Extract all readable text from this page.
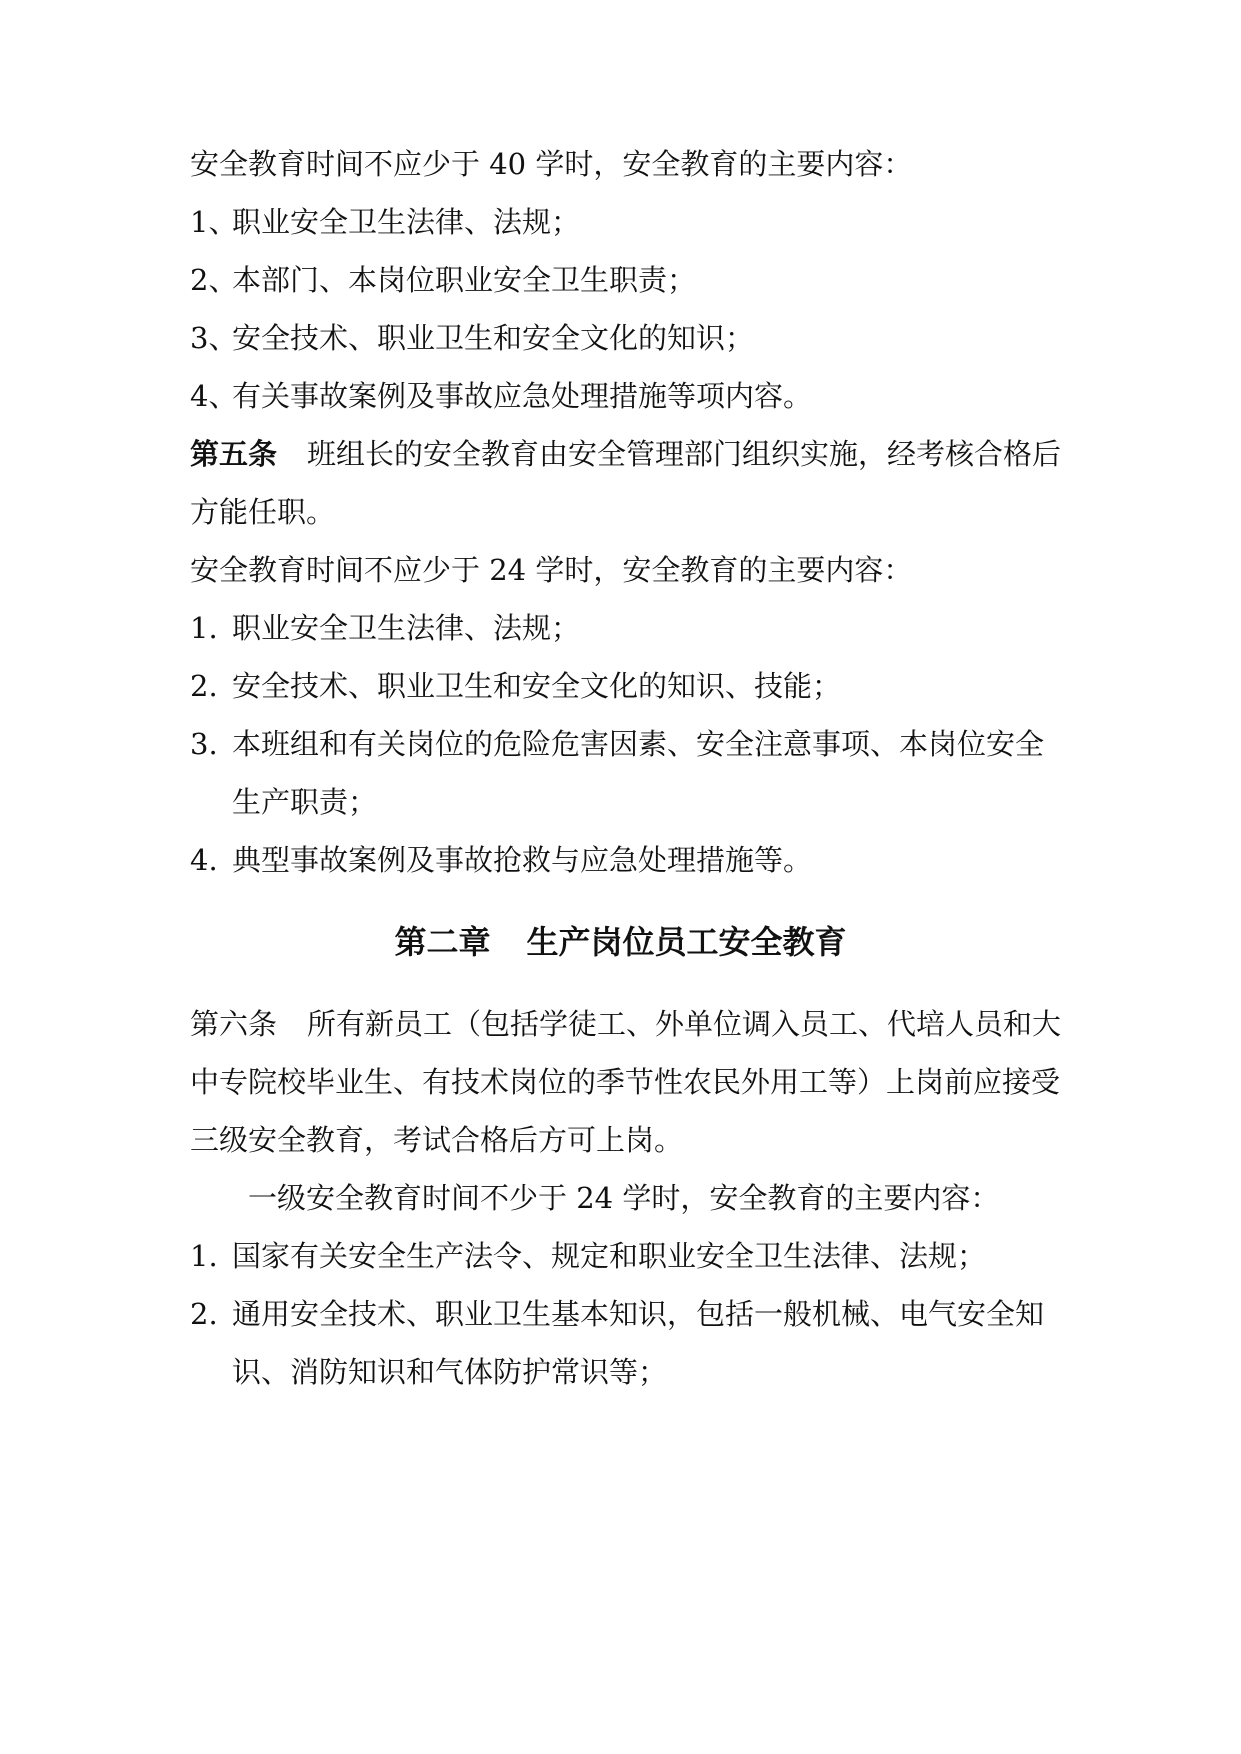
安全教育时间不应少于 40 学时，安全教育的主要内容：
1、职业安全卫生法律、法规；
2、本部门、本岗位职业安全卫生职责；
3、安全技术、职业卫生和安全文化的知识；
4、有关事故案例及事故应急处理措施等项内容。
第五条 班组长的安全教育由安全管理部门组织实施，经考核合格后
方能任职。
安全教育时间不应少于 24 学时，安全教育的主要内容：
1. 职业安全卫生法律、法规；
2. 安全技术、职业卫生和安全文化的知识、技能；
3. 本班组和有关岗位的危险危害因素、安全注意事项、本岗位安全
生产职责；
4. 典型事故案例及事故抢救与应急处理措施等。
第二章 生产岗位员工安全教育
第六条 所有新员工（包括学徒工、外单位调入员工、代培人员和大
中专院校毕业生、有技术岗位的季节性农民外用工等）上岗前应接受
三级安全教育，考试合格后方可上岗。
一级安全教育时间不少于 24 学时，安全教育的主要内容：
1. 国家有关安全生产法令、规定和职业安全卫生法律、法规；
2. 通用安全技术、职业卫生基本知识，包括一般机械、电气安全知
识、消防知识和气体防护常识等；
